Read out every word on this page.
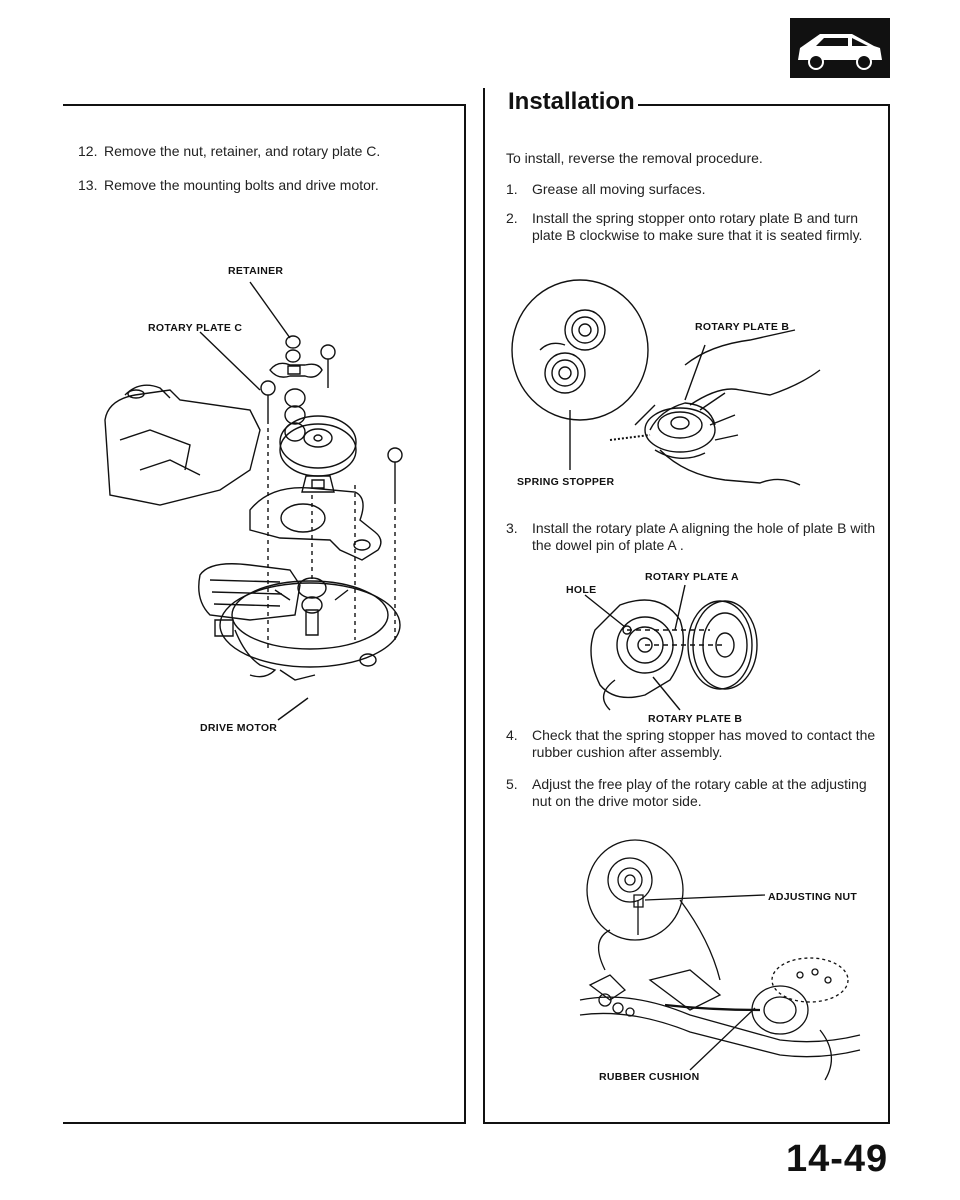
12. Remove the nut, retainer, and rotary plate C.
13. Remove the mounting bolts and drive motor.
RETAINER
ROTARY PLATE C
DRIVE MOTOR
Installation
To install, reverse the removal procedure.
1. Grease all moving surfaces.
2. Install the spring stopper onto rotary plate B and turn plate B clockwise to make sure that it is seated firmly.
3. Install the rotary plate A aligning the hole of plate B with the dowel pin of plate A .
4. Check that the spring stopper has moved to contact the rubber cushion after assembly.
5. Adjust the free play of the rotary cable at the adjusting nut on the drive motor side.
ROTARY PLATE B
SPRING STOPPER
ROTARY PLATE A
HOLE
ROTARY PLATE B
ADJUSTING NUT
RUBBER CUSHION
14-49
